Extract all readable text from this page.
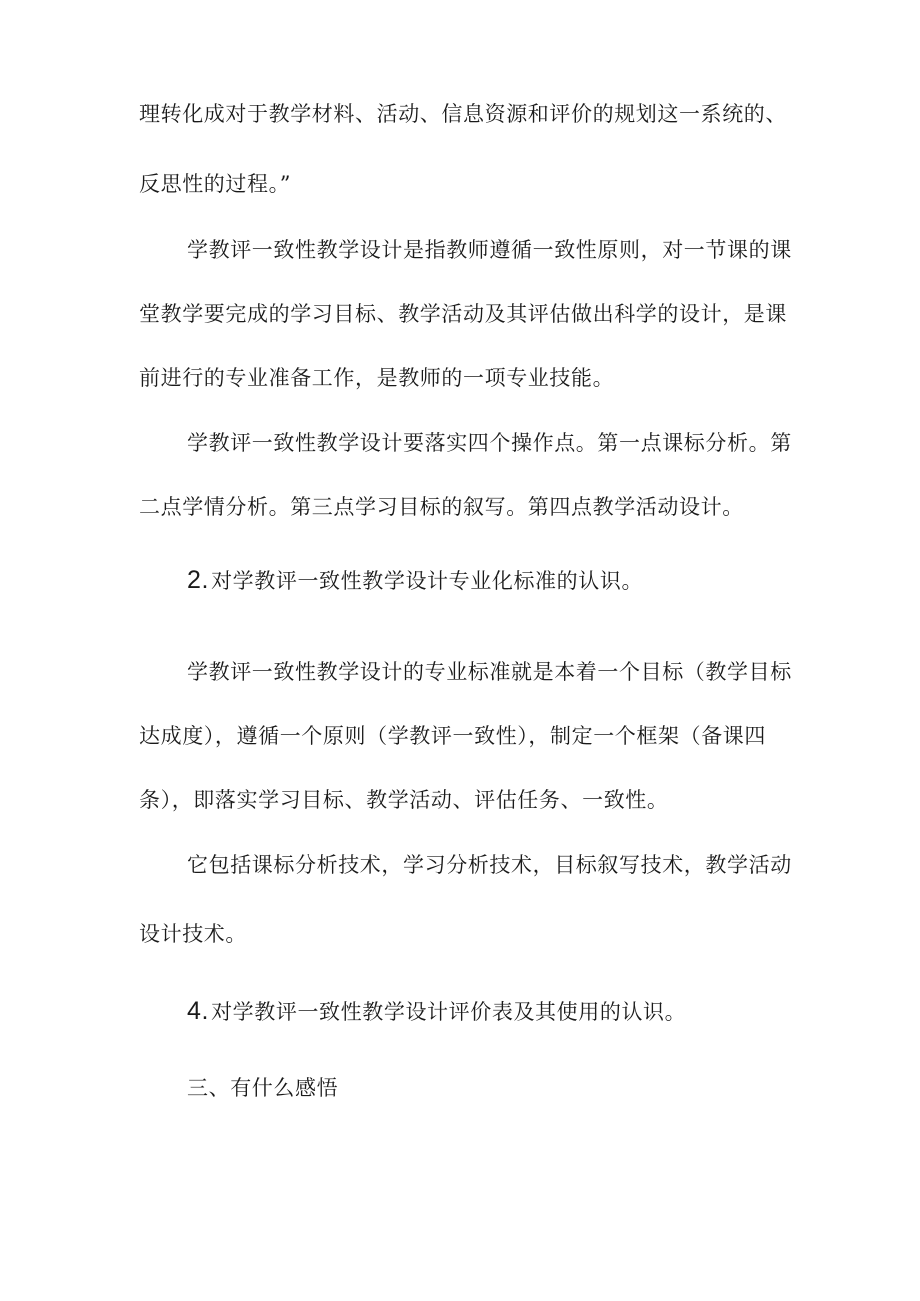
理转化成对于教学材料、活动、信息资源和评价的规划这一系统的、
反思性的过程。”
学教评一致性教学设计是指教师遵循一致性原则，对一节课的课
堂教学要完成的学习目标、教学活动及其评估做出科学的设计，是课
前进行的专业准备工作，是教师的一项专业技能。
学教评一致性教学设计要落实四个操作点。第一点课标分析。第
二点学情分析。第三点学习目标的叙写。第四点教学活动设计。
2.对学教评一致性教学设计专业化标准的认识。
学教评一致性教学设计的专业标准就是本着一个目标（教学目标
达成度），遵循一个原则（学教评一致性），制定一个框架（备课四
条），即落实学习目标、教学活动、评估任务、一致性。
它包括课标分析技术，学习分析技术，目标叙写技术，教学活动
设计技术。
4.对学教评一致性教学设计评价表及其使用的认识。
三、有什么感悟
